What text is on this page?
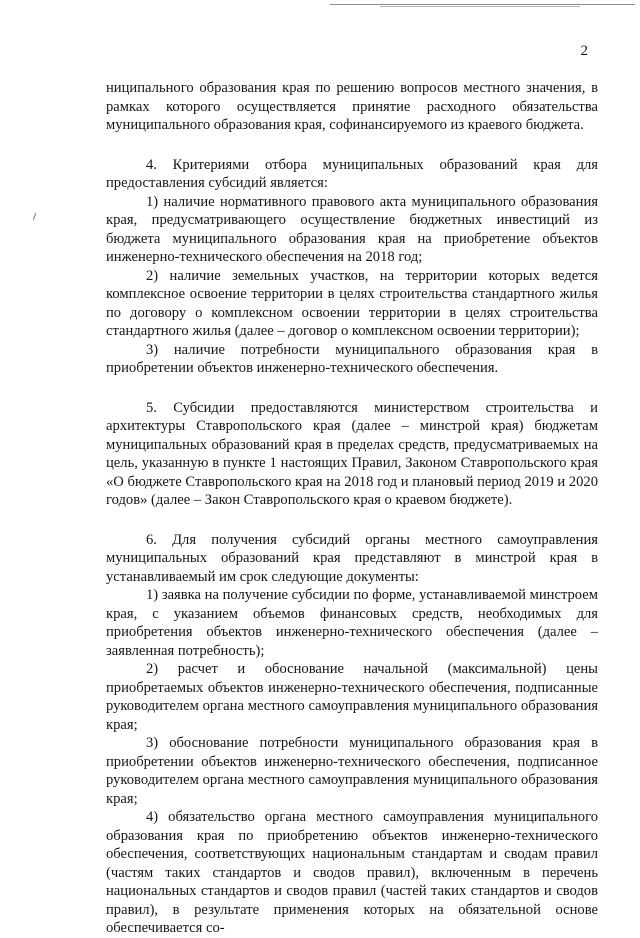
2

ниципального образования края по решению вопросов местного значения, в рамках которого осуществляется принятие расходного обязательства муниципального образования края, софинансируемого из краевого бюджета.

4. Критериями отбора муниципальных образований края для предоставления субсидий является:

1) наличие нормативного правового акта муниципального образования края, предусматривающего осуществление бюджетных инвестиций из бюджета муниципального образования края на приобретение объектов инженерно-технического обеспечения на 2018 год;

2) наличие земельных участков, на территории которых ведется комплексное освоение территории в целях строительства стандартного жилья по договору о комплексном освоении территории в целях строительства стандартного жилья (далее – договор о комплексном освоении территории);

3) наличие потребности муниципального образования края в приобретении объектов инженерно-технического обеспечения.

5. Субсидии предоставляются министерством строительства и архитектуры Ставропольского края (далее – минстрой края) бюджетам муниципальных образований края в пределах средств, предусматриваемых на цель, указанную в пункте 1 настоящих Правил, Законом Ставропольского края «О бюджете Ставропольского края на 2018 год и плановый период 2019 и 2020 годов» (далее – Закон Ставропольского края о краевом бюджете).

6. Для получения субсидий органы местного самоуправления муниципальных образований края представляют в минстрой края в устанавливаемый им срок следующие документы:

1) заявка на получение субсидии по форме, устанавливаемой минстроем края, с указанием объемов финансовых средств, необходимых для приобретения объектов инженерно-технического обеспечения (далее – заявленная потребность);

2) расчет и обоснование начальной (максимальной) цены приобретаемых объектов инженерно-технического обеспечения, подписанные руководителем органа местного самоуправления муниципального образования края;

3) обоснование потребности муниципального образования края в приобретении объектов инженерно-технического обеспечения, подписанное руководителем органа местного самоуправления муниципального образования края;

4) обязательство органа местного самоуправления муниципального образования края по приобретению объектов инженерно-технического обеспечения, соответствующих национальным стандартам и сводам правил (частям таких стандартов и сводов правил), включенным в перечень национальных стандартов и сводов правил (частей таких стандартов и сводов правил), в результате применения которых на обязательной основе обеспечивается со-
